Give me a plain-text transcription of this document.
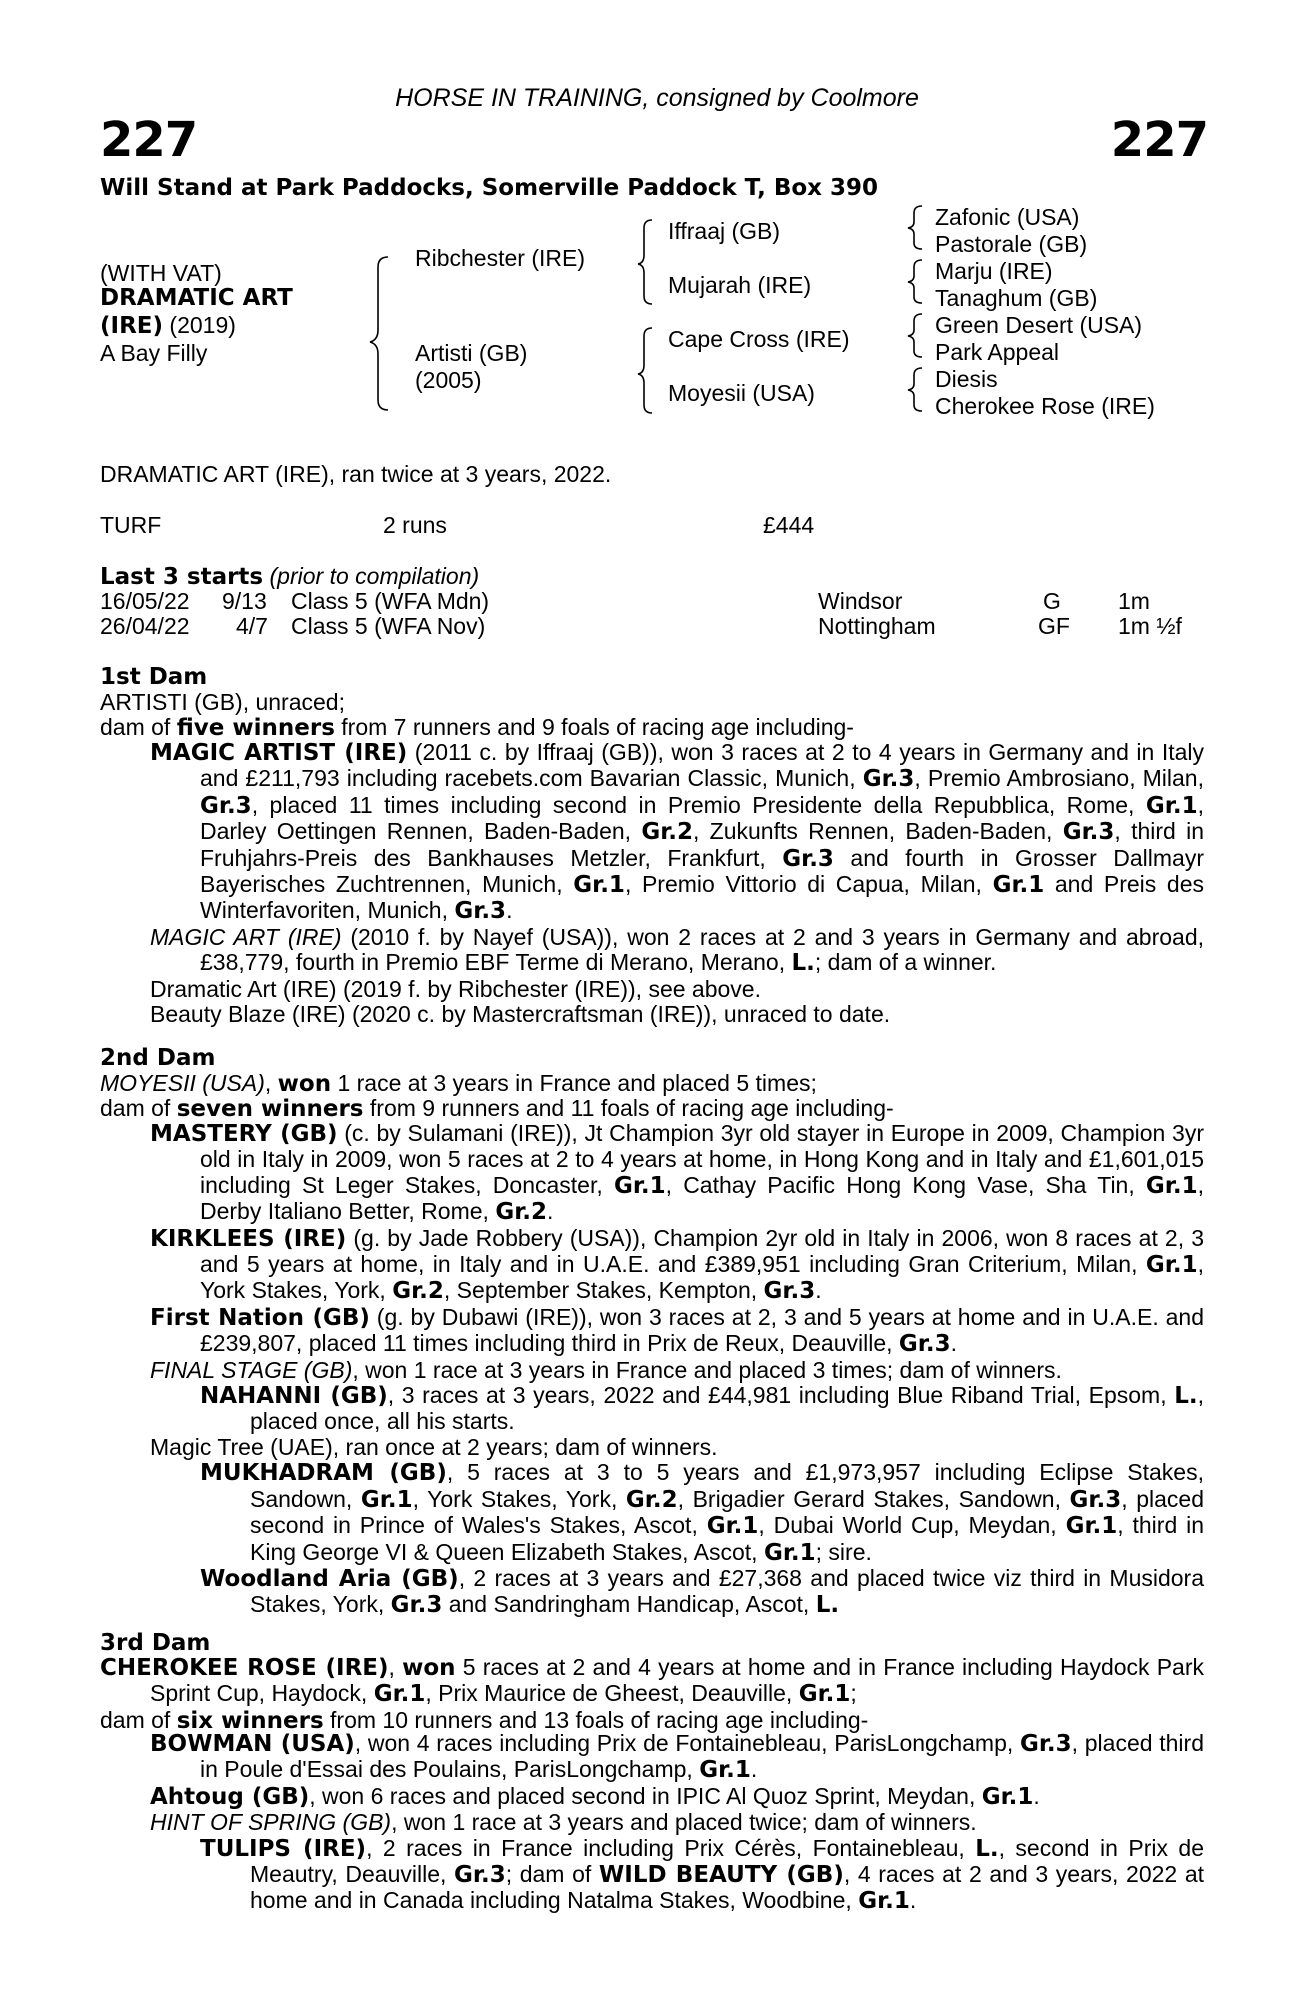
HORSE IN TRAINING, consigned by Coolmore
227	227
Will Stand at Park Paddocks, Somerville Paddock T, Box 390
(WITH VAT)
DRAMATIC ART
(IRE) (2019)
A Bay Filly
Ribchester (IRE)
Artisti (GB)
(2005)
Iffraaj (GB)
Mujarah (IRE)
Cape Cross (IRE)
Moyesii (USA)
Zafonic (USA)
Pastorale (GB)
Marju (IRE)
Tanaghum (GB)
Green Desert (USA)
Park Appeal
Diesis
Cherokee Rose (IRE)
DRAMATIC ART (IRE), ran twice at 3 years, 2022.
TURF	2 runs	£444
Last 3 starts (prior to compilation)
16/05/22 9/13 Class 5 (WFA Mdn)	Windsor	G 1m
26/04/22 4/7 Class 5 (WFA Nov)	Nottingham	GF 1m ½f
1st Dam
ARTISTI (GB), unraced;
dam of five winners from 7 runners and 9 foals of racing age including-

MAGIC ARTIST (IRE) (2011 c. by Iffraaj (GB)), won 3 races at 2 to 4 years in Germany and in Italy and £211,793 including racebets.com Bavarian Classic, Munich, Gr.3, Premio Ambrosiano, Milan, Gr.3, placed 11 times including second in Premio Presidente della Repubblica, Rome, Gr.1, Darley Oettingen Rennen, Baden-Baden, Gr.2, Zukunfts Rennen, Baden-Baden, Gr.3, third in Fruhjahrs-Preis des Bankhauses Metzler, Frankfurt, Gr.3 and fourth in Grosser Dallmayr Bayerisches Zuchtrennen, Munich, Gr.1, Premio Vittorio di Capua, Milan, Gr.1 and Preis des Winterfavoriten, Munich, Gr.3.

MAGIC ART (IRE) (2010 f. by Nayef (USA)), won 2 races at 2 and 3 years in Germany and abroad, £38,779, fourth in Premio EBF Terme di Merano, Merano, L.; dam of a winner.

Dramatic Art (IRE) (2019 f. by Ribchester (IRE)), see above.

Beauty Blaze (IRE) (2020 c. by Mastercraftsman (IRE)), unraced to date.

2nd Dam
MOYESII (USA), won 1 race at 3 years in France and placed 5 times;
dam of seven winners from 9 runners and 11 foals of racing age including-

MASTERY (GB) (c. by Sulamani (IRE)), Jt Champion 3yr old stayer in Europe in 2009, Champion 3yr old in Italy in 2009, won 5 races at 2 to 4 years at home, in Hong Kong and in Italy and £1,601,015 including St Leger Stakes, Doncaster, Gr.1, Cathay Pacific Hong Kong Vase, Sha Tin, Gr.1, Derby Italiano Better, Rome, Gr.2.

KIRKLEES (IRE) (g. by Jade Robbery (USA)), Champion 2yr old in Italy in 2006, won 8 races at 2, 3 and 5 years at home, in Italy and in U.A.E. and £389,951 including Gran Criterium, Milan, Gr.1, York Stakes, York, Gr.2, September Stakes, Kempton, Gr.3.

First Nation (GB) (g. by Dubawi (IRE)), won 3 races at 2, 3 and 5 years at home and in U.A.E. and £239,807, placed 11 times including third in Prix de Reux, Deauville, Gr.3.

FINAL STAGE (GB), won 1 race at 3 years in France and placed 3 times; dam of winners.

NAHANNI (GB), 3 races at 3 years, 2022 and £44,981 including Blue Riband Trial, Epsom, L., placed once, all his starts.

Magic Tree (UAE), ran once at 2 years; dam of winners.

MUKHADRAM (GB), 5 races at 3 to 5 years and £1,973,957 including Eclipse Stakes, Sandown, Gr.1, York Stakes, York, Gr.2, Brigadier Gerard Stakes, Sandown, Gr.3, placed second in Prince of Wales's Stakes, Ascot, Gr.1, Dubai World Cup, Meydan, Gr.1, third in King George VI & Queen Elizabeth Stakes, Ascot, Gr.1; sire.

Woodland Aria (GB), 2 races at 3 years and £27,368 and placed twice viz third in Musidora Stakes, York, Gr.3 and Sandringham Handicap, Ascot, L.

3rd Dam

CHEROKEE ROSE (IRE), won 5 races at 2 and 4 years at home and in France including Haydock Park Sprint Cup, Haydock, Gr.1, Prix Maurice de Gheest, Deauville, Gr.1;

dam of six winners from 10 runners and 13 foals of racing age including-

BOWMAN (USA), won 4 races including Prix de Fontainebleau, ParisLongchamp, Gr.3, placed third in Poule d'Essai des Poulains, ParisLongchamp, Gr.1.

Ahtoug (GB), won 6 races and placed second in IPIC Al Quoz Sprint, Meydan, Gr.1.

HINT OF SPRING (GB), won 1 race at 3 years and placed twice; dam of winners.

TULIPS (IRE), 2 races in France including Prix Cérès, Fontainebleau, L., second in Prix de Meautry, Deauville, Gr.3; dam of WILD BEAUTY (GB), 4 races at 2 and 3 years, 2022 at home and in Canada including Natalma Stakes, Woodbine, Gr.1.
